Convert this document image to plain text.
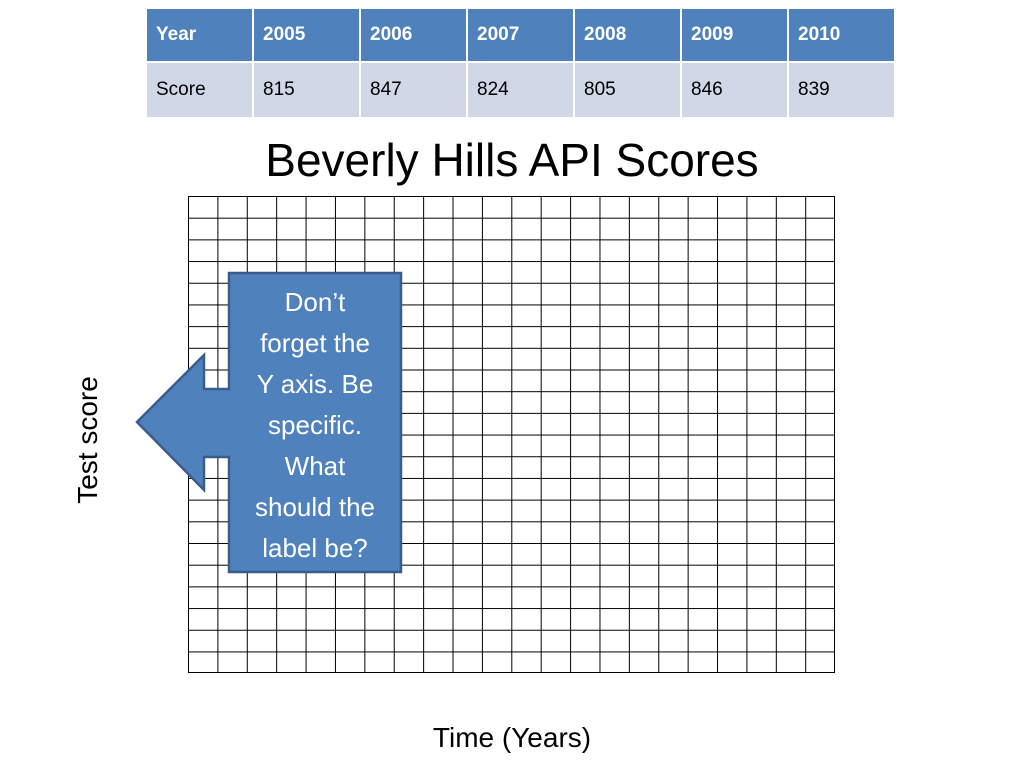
Year	2005	2006	2007	2008	2009	2010
Score	815	847	824	805	846	839
Beverly Hills API Scores
Test score
Time (Years)
Don’t
forget the
Y axis. Be
specific.
What
should the
label be?
